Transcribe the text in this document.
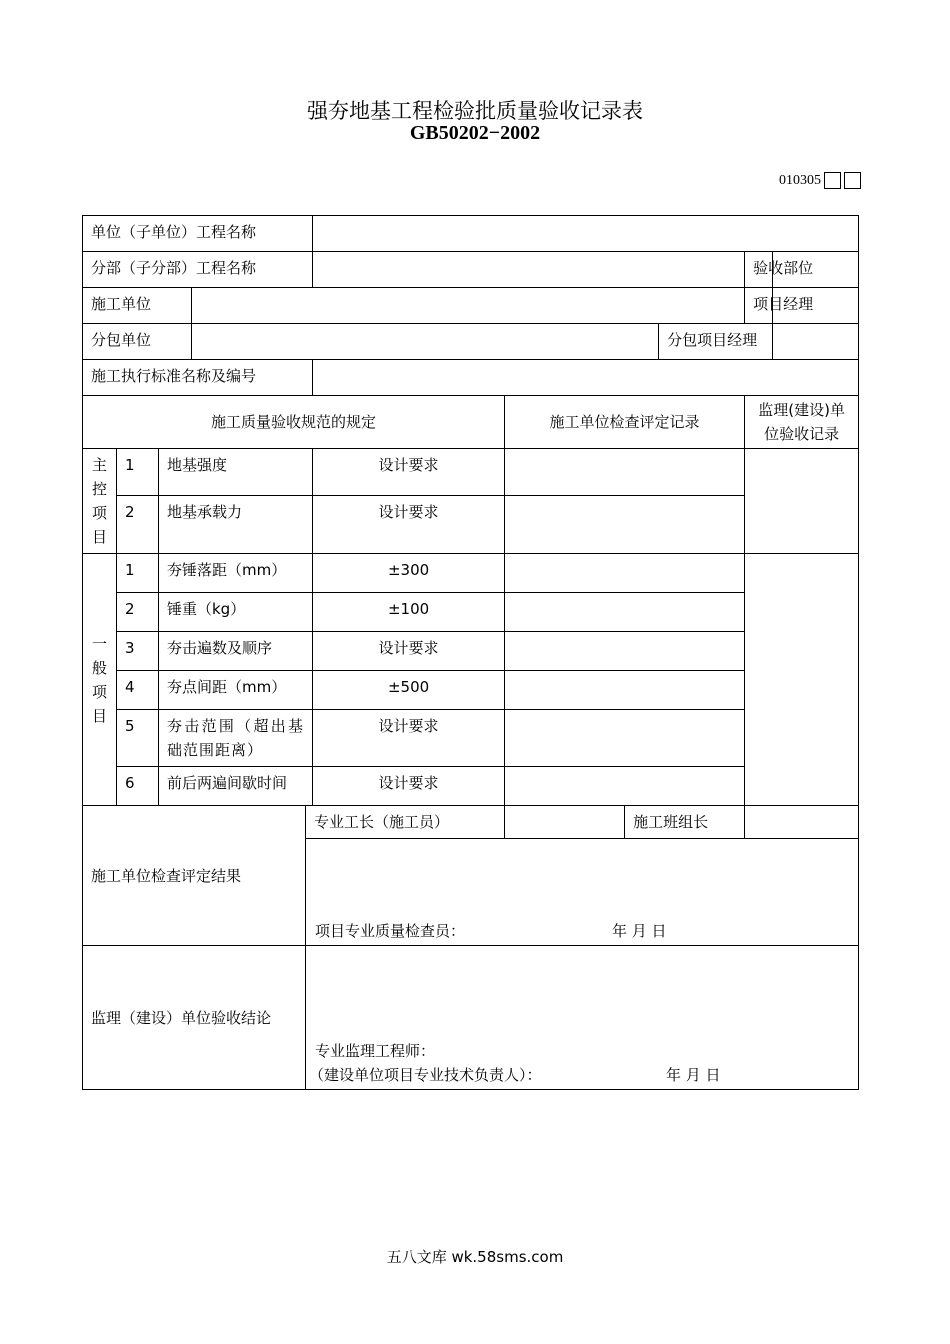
强夯地基工程检验批质量验收记录表
GB50202−2002
010305
单位（子单位）工程名称										
分部（子分部）工程名称									验收部位	
施工单位									项目经理	
分包单位								分包项目经理		
施工执行标准名称及编号										
施工质量验收规范的规定						施工单位检查评定记录			监理(建设)单位验收记录	

主
控
项
目	1	地基强度			设计要求					
	2	地基承载力			设计要求					

一
般
项
目	1	夯锤落距（mm）			±300					
	2	锤重（kg）			±100					
	3	夯击遍数及顺序			设计要求					
	4	夯点间距（mm）			±500					
	5	夯击范围（超出基础范围距离）			设计要求					
	6	前后两遍间歇时间			设计要求					
施工单位检查评定结果				专业工长（施工员）			施工班组长			

				项目专业质量检查员： 年 月 日						

监理（建设）单位验收结论				专业监理工程师：
（建设单位项目专业技术负责人）： 年 月 日						
五八文库 wk.58sms.com
